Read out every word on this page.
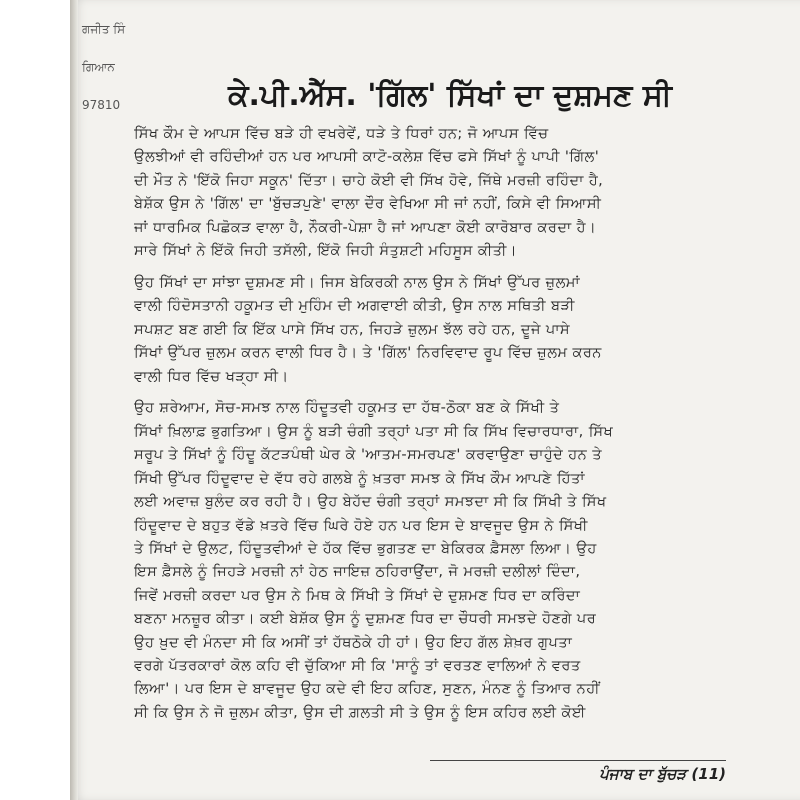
ਗਜੀਤ ਸਿੰ
ਗਿਆਨ
97810	ਕੇ.ਪੀ.ਐੱਸ. 'ਗਿੱਲ' ਸਿੱਖਾਂ ਦਾ ਦੁਸ਼ਮਣ ਸੀ

ਸਿੱਖ ਕੌਮ ਦੇ ਆਪਸ ਵਿੱਚ ਬੜੇ ਹੀ ਵਖਰੇਵੇਂ, ਧੜੇ ਤੇ ਧਿਰਾਂ ਹਨ; ਜੋ ਆਪਸ ਵਿੱਚ
ਉਲਝੀਆਂ ਵੀ ਰਹਿੰਦੀਆਂ ਹਨ ਪਰ ਆਪਸੀ ਕਾਟੋ-ਕਲੇਸ਼ ਵਿੱਚ ਫਸੇ ਸਿੱਖਾਂ ਨੂੰ ਪਾਪੀ 'ਗਿੱਲ'
ਦੀ ਮੌਤ ਨੇ 'ਇੱਕੋ ਜਿਹਾ ਸਕੂਨ' ਦਿੱਤਾ। ਚਾਹੇ ਕੋਈ ਵੀ ਸਿੱਖ ਹੋਵੇ, ਜਿੱਥੇ ਮਰਜ਼ੀ ਰਹਿੰਦਾ ਹੈ,
ਬੇਸ਼ੱਕ ਉਸ ਨੇ 'ਗਿੱਲ' ਦਾ 'ਬੁੱਚੜਪੁਣੇ' ਵਾਲਾ ਦੌਰ ਵੇਖਿਆ ਸੀ ਜਾਂ ਨਹੀਂ, ਕਿਸੇ ਵੀ ਸਿਆਸੀ
ਜਾਂ ਧਾਰਮਿਕ ਪਿਛੋਕੜ ਵਾਲਾ ਹੈ, ਨੌਕਰੀ-ਪੇਸ਼ਾ ਹੈ ਜਾਂ ਆਪਣਾ ਕੋਈ ਕਾਰੋਬਾਰ ਕਰਦਾ ਹੈ।
ਸਾਰੇ ਸਿੱਖਾਂ ਨੇ ਇੱਕੋ ਜਿਹੀ ਤਸੱਲੀ, ਇੱਕੋ ਜਿਹੀ ਸੰਤੁਸ਼ਟੀ ਮਹਿਸੂਸ ਕੀਤੀ।

ਉਹ ਸਿੱਖਾਂ ਦਾ ਸਾਂਝਾ ਦੁਸ਼ਮਣ ਸੀ। ਜਿਸ ਬੇਕਿਰਕੀ ਨਾਲ ਉਸ ਨੇ ਸਿੱਖਾਂ ਉੱਪਰ ਜ਼ੁਲਮਾਂ
ਵਾਲੀ ਹਿੰਦੋਸਤਾਨੀ ਹਕੂਮਤ ਦੀ ਮੁਹਿੰਮ ਦੀ ਅਗਵਾਈ ਕੀਤੀ, ਉਸ ਨਾਲ ਸਥਿਤੀ ਬੜੀ
ਸਪਸ਼ਟ ਬਣ ਗਈ ਕਿ ਇੱਕ ਪਾਸੇ ਸਿੱਖ ਹਨ, ਜਿਹੜੇ ਜ਼ੁਲਮ ਝੱਲ ਰਹੇ ਹਨ, ਦੂਜੇ ਪਾਸੇ
ਸਿੱਖਾਂ ਉੱਪਰ ਜ਼ੁਲਮ ਕਰਨ ਵਾਲੀ ਧਿਰ ਹੈ। ਤੇ 'ਗਿੱਲ' ਨਿਰਵਿਵਾਦ ਰੂਪ ਵਿੱਚ ਜ਼ੁਲਮ ਕਰਨ
ਵਾਲੀ ਧਿਰ ਵਿੱਚ ਖੜ੍ਹਾ ਸੀ।

ਉਹ ਸ਼ਰੇਆਮ, ਸੋਚ-ਸਮਝ ਨਾਲ ਹਿੰਦੂਤਵੀ ਹਕੂਮਤ ਦਾ ਹੱਥ-ਠੋਕਾ ਬਣ ਕੇ ਸਿੱਖੀ ਤੇ
ਸਿੱਖਾਂ ਖ਼ਿਲਾਫ਼ ਭੁਗਤਿਆ। ਉਸ ਨੂੰ ਬੜੀ ਚੰਗੀ ਤਰ੍ਹਾਂ ਪਤਾ ਸੀ ਕਿ ਸਿੱਖ ਵਿਚਾਰਧਾਰਾ, ਸਿੱਖ
ਸਰੂਪ ਤੇ ਸਿੱਖਾਂ ਨੂੰ ਹਿੰਦੂ ਕੱਟੜਪੰਥੀ ਘੇਰ ਕੇ 'ਆਤਮ-ਸਮਰਪਣ' ਕਰਵਾਉਣਾ ਚਾਹੁੰਦੇ ਹਨ ਤੇ
ਸਿੱਖੀ ਉੱਪਰ ਹਿੰਦੂਵਾਦ ਦੇ ਵੱਧ ਰਹੇ ਗਲਬੇ ਨੂੰ ਖ਼ਤਰਾ ਸਮਝ ਕੇ ਸਿੱਖ ਕੌਮ ਆਪਣੇ ਹਿੱਤਾਂ
ਲਈ ਅਵਾਜ਼ ਬੁਲੰਦ ਕਰ ਰਹੀ ਹੈ। ਉਹ ਬੇਹੱਦ ਚੰਗੀ ਤਰ੍ਹਾਂ ਸਮਝਦਾ ਸੀ ਕਿ ਸਿੱਖੀ ਤੇ ਸਿੱਖ
ਹਿੰਦੂਵਾਦ ਦੇ ਬਹੁਤ ਵੱਡੇ ਖ਼ਤਰੇ ਵਿੱਚ ਘਿਰੇ ਹੋਏ ਹਨ ਪਰ ਇਸ ਦੇ ਬਾਵਜੂਦ ਉਸ ਨੇ ਸਿੱਖੀ
ਤੇ ਸਿੱਖਾਂ ਦੇ ਉਲਟ, ਹਿੰਦੂਤਵੀਆਂ ਦੇ ਹੱਕ ਵਿੱਚ ਭੁਗਤਣ ਦਾ ਬੇਕਿਰਕ ਫ਼ੈਸਲਾ ਲਿਆ। ਉਹ
ਇਸ ਫ਼ੈਸਲੇ ਨੂੰ ਜਿਹੜੇ ਮਰਜ਼ੀ ਨਾਂ ਹੇਠ ਜਾਇਜ਼ ਠਹਿਰਾਉਂਦਾ, ਜੋ ਮਰਜ਼ੀ ਦਲੀਲਾਂ ਦਿੰਦਾ,
ਜਿਵੇਂ ਮਰਜ਼ੀ ਕਰਦਾ ਪਰ ਉਸ ਨੇ ਮਿਥ ਕੇ ਸਿੱਖੀ ਤੇ ਸਿੱਖਾਂ ਦੇ ਦੁਸ਼ਮਣ ਧਿਰ ਦਾ ਕਰਿੰਦਾ
ਬਣਨਾ ਮਨਜ਼ੂਰ ਕੀਤਾ। ਕਈ ਬੇਸ਼ੱਕ ਉਸ ਨੂੰ ਦੁਸ਼ਮਣ ਧਿਰ ਦਾ ਚੌਧਰੀ ਸਮਝਦੇ ਹੋਣਗੇ ਪਰ
ਉਹ ਖ਼ੁਦ ਵੀ ਮੰਨਦਾ ਸੀ ਕਿ ਅਸੀਂ ਤਾਂ ਹੱਥਠੋਕੇ ਹੀ ਹਾਂ। ਉਹ ਇਹ ਗੱਲ ਸ਼ੇਖ਼ਰ ਗੁਪਤਾ
ਵਰਗੇ ਪੱਤਰਕਾਰਾਂ ਕੋਲ ਕਹਿ ਵੀ ਚੁੱਕਿਆ ਸੀ ਕਿ 'ਸਾਨੂੰ ਤਾਂ ਵਰਤਣ ਵਾਲਿਆਂ ਨੇ ਵਰਤ
ਲਿਆ'। ਪਰ ਇਸ ਦੇ ਬਾਵਜੂਦ ਉਹ ਕਦੇ ਵੀ ਇਹ ਕਹਿਣ, ਸੁਣਨ, ਮੰਨਣ ਨੂੰ ਤਿਆਰ ਨਹੀਂ
ਸੀ ਕਿ ਉਸ ਨੇ ਜੋ ਜ਼ੁਲਮ ਕੀਤਾ, ਉਸ ਦੀ ਗ਼ਲਤੀ ਸੀ ਤੇ ਉਸ ਨੂੰ ਇਸ ਕਹਿਰ ਲਈ ਕੋਈ

ਪੰਜਾਬ ਦਾ ਬੁੱਚੜ (11)
